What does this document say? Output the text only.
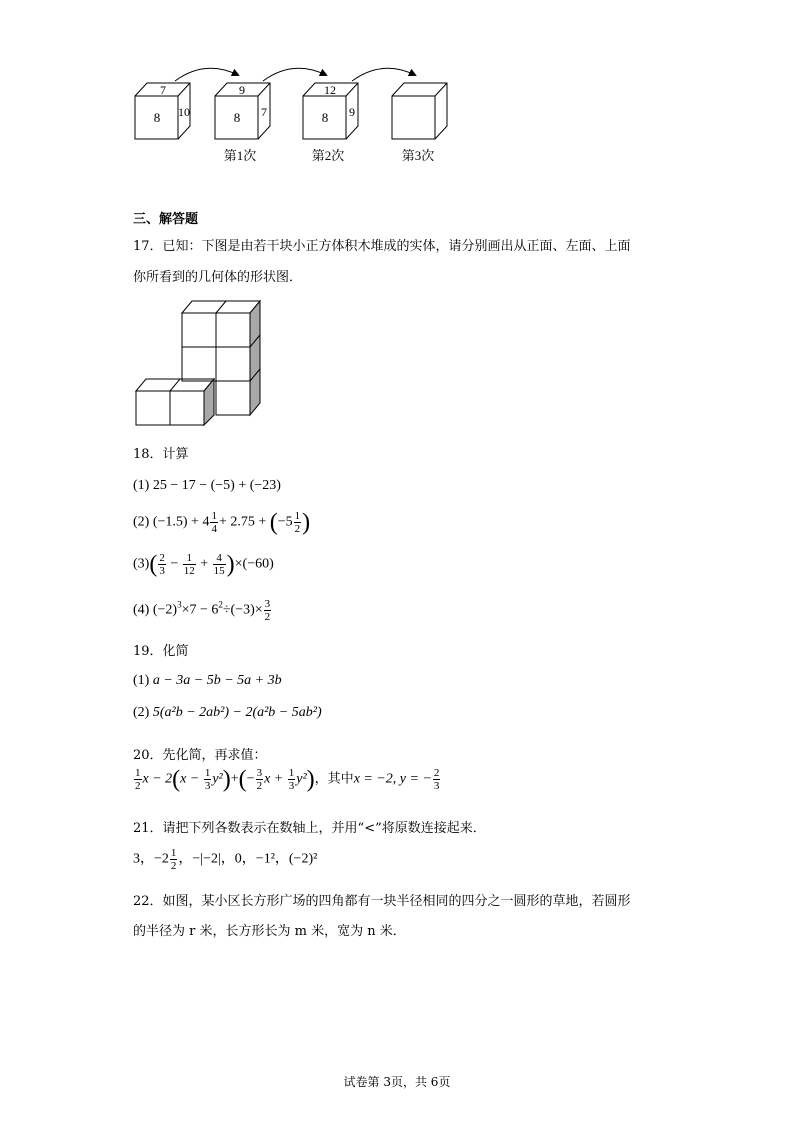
7
8 10
9
8 7
12
8 9
第1次	第2次	第3次
三、解答题
17．已知：下图是由若干块小正方体积木堆成的实体，请分别画出从正面、左面、上面
你所看到的几何体的形状图．
18．计算
(1) 25 − 17 − (−5) + (−23)
(2) $(-1.5) + 4 \frac{1}{4} + 2.75 + (-5 \frac{1}{2}$ )
$(3)( \frac{2}{3} - \frac{1}{12} + \frac{4}{15} )\times(-60)$
(4) $(-2)^3\times 7 - 6^2\div(-3)\times \frac{3}{2}$
19．化简
(1) a − 3a − 5b − 5a + 3b
(2) 5(a²b − 2ab²) − 2(a²b − 5ab²)
20．先化简，再求值：
$\frac{1}{2}$ $x - 2(x - \frac{1}{3} y^2)+(- \frac{3}{2}$ $x + \frac{1}{3} y^2$)，其中x = −2, y = − $\frac{2}{3}$
21．请把下列各数表示在数轴上，并用“<”将原数连接起来．
3，$-2 \frac{1}{2}$ ，−|−2|，0，−1²，(−2)²
22．如图，某小区长方形广场的四角都有一块半径相同的四分之一圆形的草地，若圆形
的半径为 r 米，长方形长为 m 米，宽为 n 米．
试卷第 3页，共 6页
